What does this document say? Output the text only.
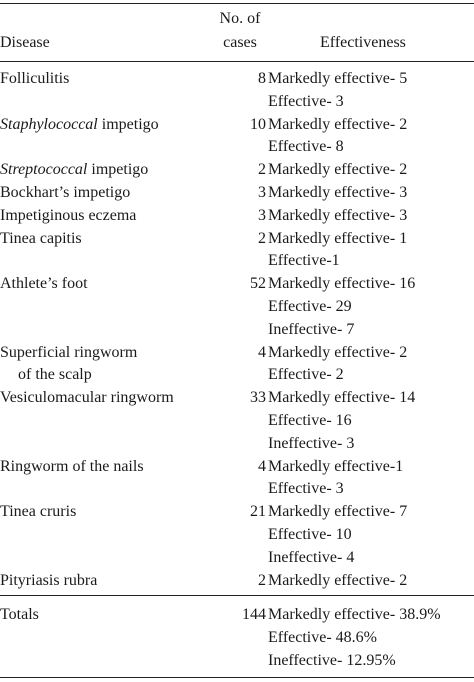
No. of
Disease	cases	Effectiveness
Folliculitis	8 Markedly effective- 5
Effective- 3
Staphylococcal impetigo	10 Markedly effective- 2
Effective- 8
Streptococcal impetigo	2 Markedly effective- 2
Bockhart’s impetigo	3 Markedly effective- 3
Impetiginous eczema	3 Markedly effective- 3
Tinea capitis	2 Markedly effective- 1
Effective-1
Athlete’s foot	52 Markedly effective- 16
Effective- 29
Ineffective- 7
Superficial ringworm
of the scalp
4 Markedly effective- 2
Effective- 2
Vesiculomacular ringworm	33 Markedly effective- 14
Effective- 16
Ineffective- 3
Ringworm of the nails	4 Markedly effective-1
Effective- 3
Tinea cruris	21 Markedly effective- 7
Effective- 10
Ineffective- 4
Pityriasis rubra	2 Markedly effective- 2
Totals	144 Markedly effective- 38.9%
Effective- 48.6%
Ineffective- 12.95%
